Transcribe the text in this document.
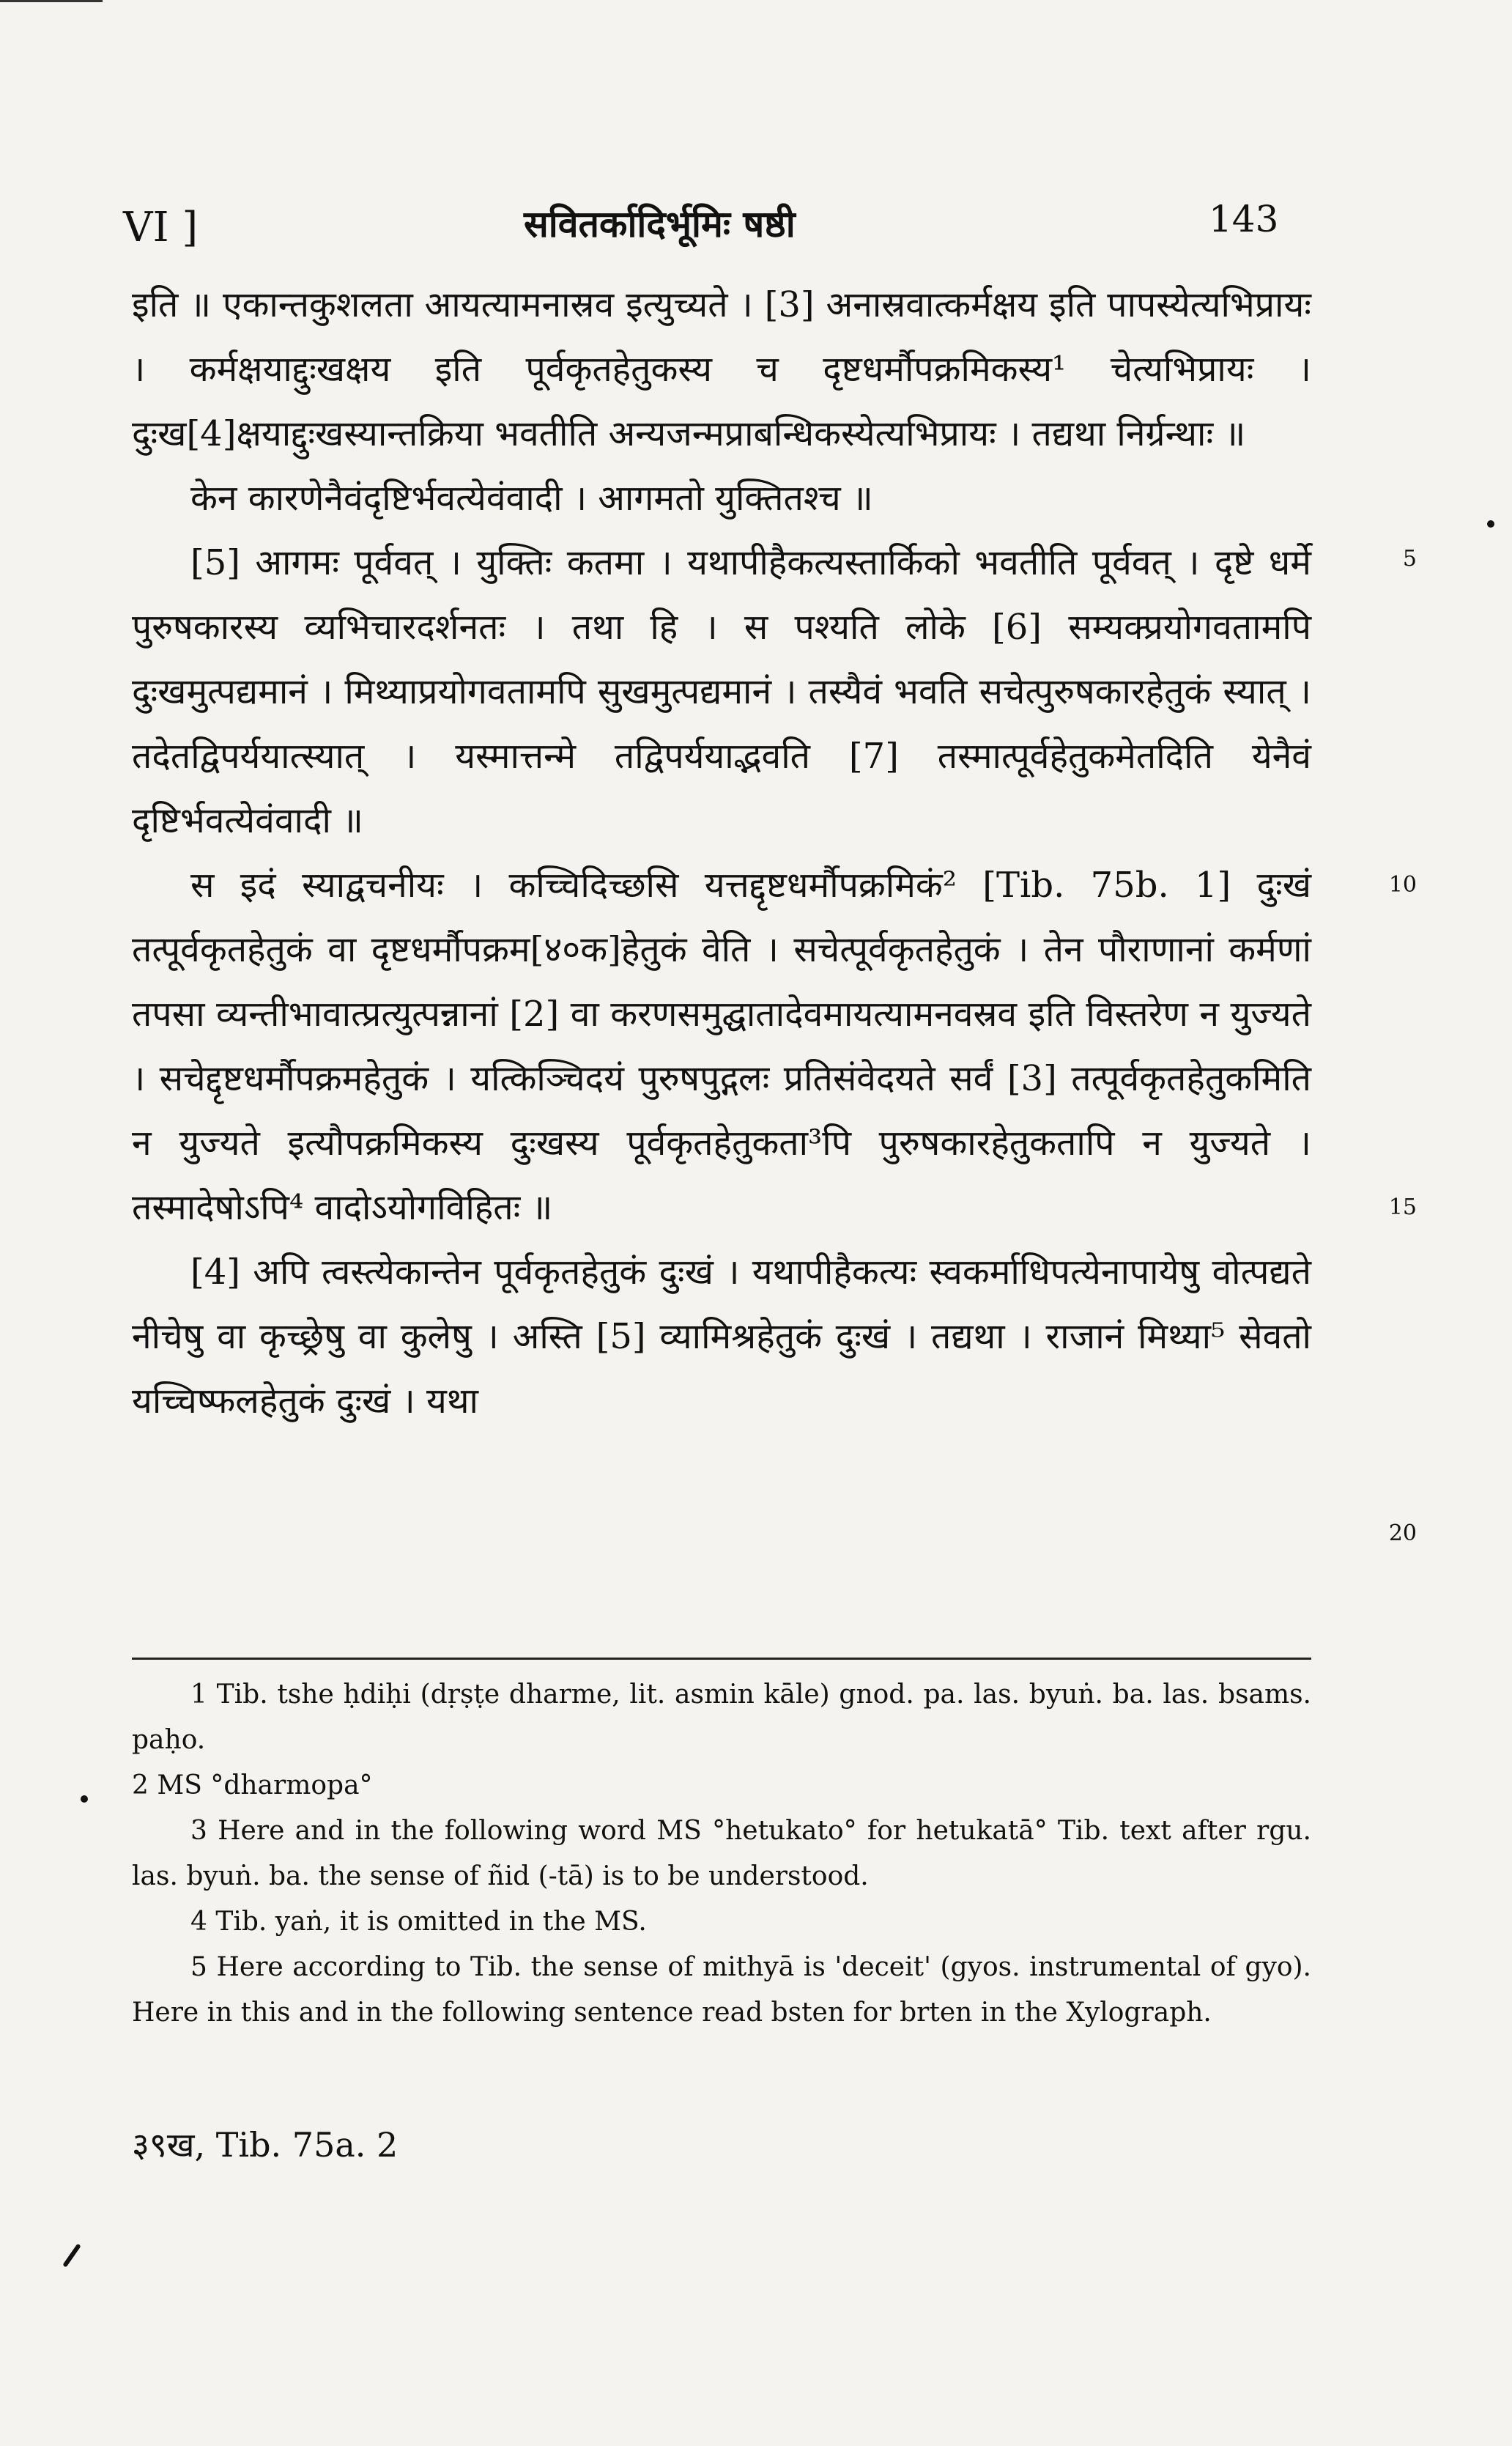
VI ]	सवितर्कादिर्भूमिः षष्ठी	143

इति ॥ एकान्तकुशलता आयत्यामनास्रव इत्युच्यते । [3] अनास्रवात्कर्मक्षय इति पापस्येत्यभिप्रायः । कर्मक्षयाद्दुःखक्षय इति पूर्वकृतहेतुकस्य च दृष्टधर्मौपक्रमिकस्य¹ चेत्यभिप्रायः । दुःख[4]क्षयाद्दुःखस्यान्तक्रिया भवतीति अन्यजन्मप्राबन्धिकस्येत्यभिप्रायः । तद्यथा निर्ग्रन्थाः ॥

केन कारणेनैवंदृष्टिर्भवत्येवंवादी । आगमतो युक्तितश्च ॥

[5] आगमः पूर्ववत् । युक्तिः कतमा । यथापीहैकत्यस्तार्किको भवतीति पूर्ववत् । दृष्टे धर्मे पुरुषकारस्य व्यभिचारदर्शनतः । तथा हि । स पश्यति लोके [6] सम्यक्प्रयोगवतामपि दुःखमुत्पद्यमानं । मिथ्याप्रयोगवतामपि सुखमुत्पद्यमानं । तस्यैवं भवति सचेत्पुरुषकारहेतुकं स्यात् । तदेतद्विपर्ययात्स्यात् । यस्मात्तन्मे तद्विपर्ययाद्भवति [7] तस्मात्पूर्वहेतुकमेतदिति येनैवं दृष्टिर्भवत्येवंवादी ॥

स इदं स्याद्वचनीयः । कच्चिदिच्छसि यत्तद्दृष्टधर्मौपक्रमिकं² [Tib. 75b. 1] दुःखं तत्पूर्वकृतहेतुकं वा दृष्टधर्मौपक्रम[४०क]हेतुकं वेति । सचेत्पूर्वकृतहेतुकं । तेन पौराणानां कर्मणां तपसा व्यन्तीभावात्प्रत्युत्पन्नानां [2] वा करणसमुद्घातादेवमायत्यामनवस्रव इति विस्तरेण न युज्यते । सचेद्दृष्टधर्मौपक्रमहेतुकं । यत्किञ्चिदयं पुरुषपुद्गलः प्रतिसंवेदयते सर्वं [3] तत्पूर्वकृतहेतुकमिति न युज्यते इत्यौपक्रमिकस्य दुःखस्य पूर्वकृतहेतुकता³पि पुरुषकारहेतुकतापि न युज्यते । तस्मादेषोऽपि⁴ वादोऽयोगविहितः ॥

[4] अपि त्वस्त्येकान्तेन पूर्वकृतहेतुकं दुःखं । यथापीहैकत्यः स्वकर्माधिपत्येनापायेषु वोत्पद्यते नीचेषु वा कृच्छ्रेषु वा कुलेषु । अस्ति [5] व्यामिश्रहेतुकं दुःखं । तद्यथा । राजानं मिथ्या⁵ सेवतो यच्चिष्फलहेतुकं दुःखं । यथा

5
10
15
20

1 Tib. tshe ḥdiḥi (dṛṣṭe dharme, lit. asmin kāle) gnod. pa. las. byuṅ. ba. las. bsams. paḥo.

2 MS °dharmopa°

3 Here and in the following word MS °hetukato° for hetukatā° Tib. text after rgu. las. byuṅ. ba. the sense of ñid (-tā) is to be understood.

4 Tib. yaṅ, it is omitted in the MS.

5 Here according to Tib. the sense of mithyā is 'deceit' (gyos. instrumental of gyo). Here in this and in the following sentence read bsten for brten in the Xylograph.

३९ख, Tib. 75a. 2
